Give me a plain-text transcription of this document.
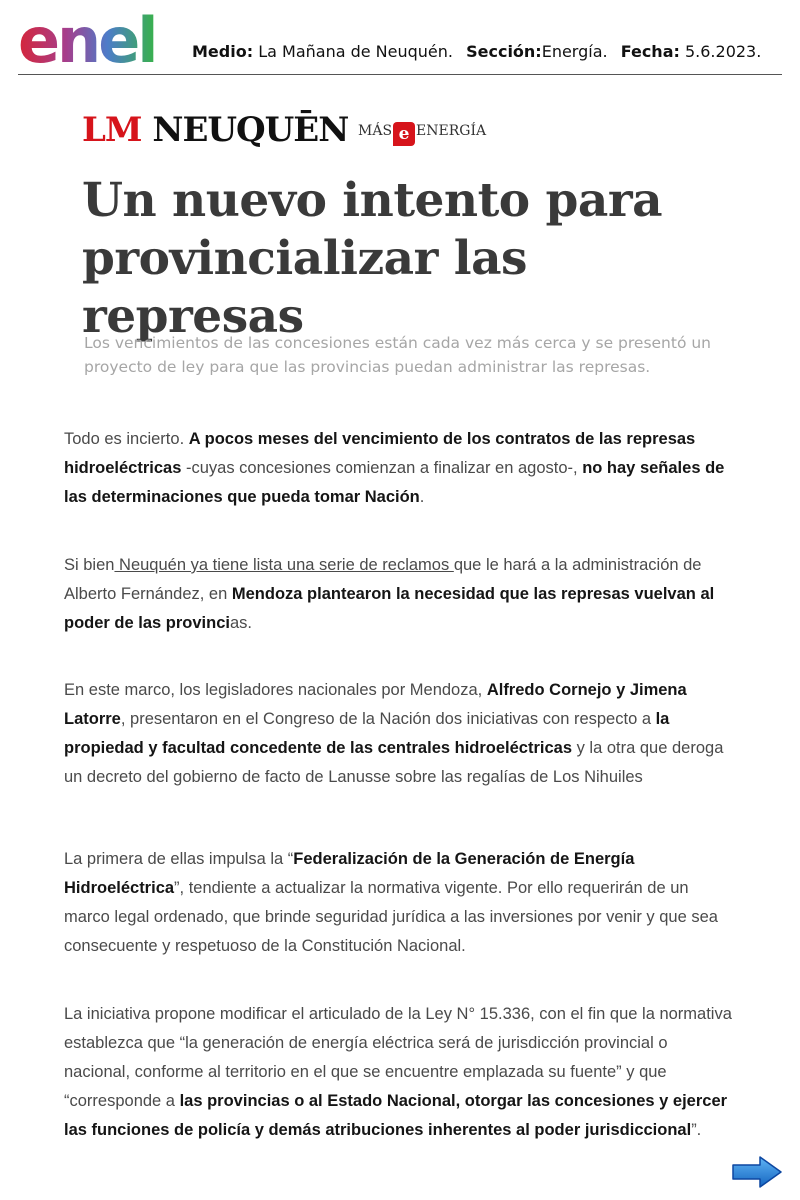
enel Medio: La Mañana de Neuquén. Sección:Energía. Fecha: 5.6.2023.
LM NEUQUĒN MÁS e ENERGÍA
Un nuevo intento para provincializar las represas

Los vencimientos de las concesiones están cada vez más cerca y se presentó un proyecto de ley para que las provincias puedan administrar las represas.

Todo es incierto. A pocos meses del vencimiento de los contratos de las represas hidroeléctricas -cuyas concesiones comienzan a finalizar en agosto-, no hay señales de las determinaciones que pueda tomar Nación.

Si bien Neuquén ya tiene lista una serie de reclamos que le hará a la administración de Alberto Fernández, en Mendoza plantearon la necesidad que las represas vuelvan al poder de las provincias.

En este marco, los legisladores nacionales por Mendoza, Alfredo Cornejo y Jimena Latorre, presentaron en el Congreso de la Nación dos iniciativas con respecto a la propiedad y facultad concedente de las centrales hidroeléctricas y la otra que deroga un decreto del gobierno de facto de Lanusse sobre las regalías de Los Nihuiles

La primera de ellas impulsa la “Federalización de la Generación de Energía Hidroeléctrica”, tendiente a actualizar la normativa vigente. Por ello requerirán de un marco legal ordenado, que brinde seguridad jurídica a las inversiones por venir y que sea consecuente y respetuoso de la Constitución Nacional.

La iniciativa propone modificar el articulado de la Ley N° 15.336, con el fin que la normativa establezca que “la generación de energía eléctrica será de jurisdicción provincial o nacional, conforme al territorio en el que se encuentre emplazada su fuente” y que “corresponde a las provincias o al Estado Nacional, otorgar las concesiones y ejercer las funciones de policía y demás atribuciones inherentes al poder jurisdiccional”.
